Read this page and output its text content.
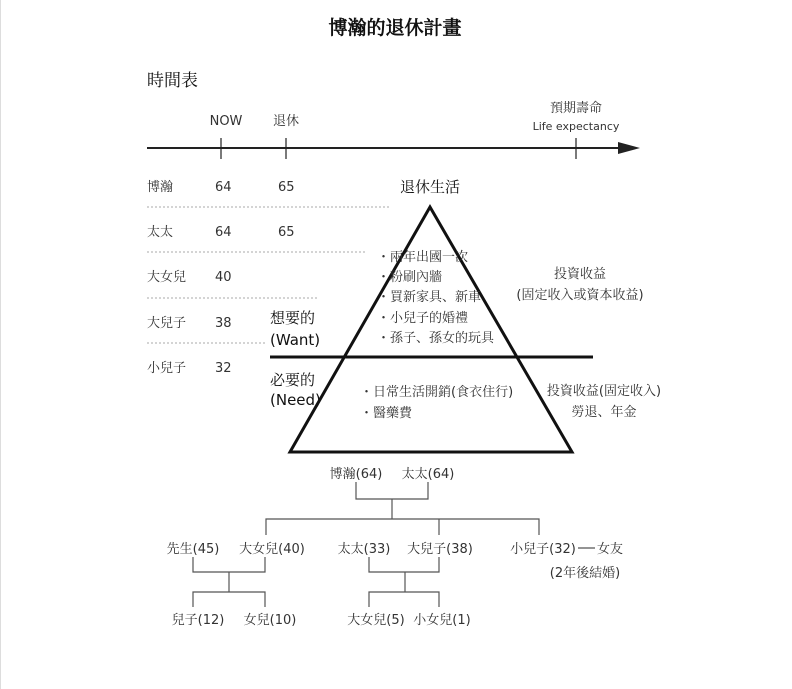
博瀚的退休計畫
時間表
NOW 退休
預期壽命
Life expectancy
博瀚	64	65
太太	64	65
大女兒 40
大兒子 38
小兒子 32
退休生活
想要的
(Want)
必要的
(Need)
・兩年出國一次
・粉刷內牆
・買新家具、新車
・小兒子的婚禮
・孫子、孫女的玩具
・日常生活開銷(食衣住行)
・醫藥費
投資收益
(固定收入或資本收益)
投資收益(固定收入)
勞退、年金
博瀚(64) 太太(64)
先生(45) 大女兒(40)	太太(33) 大兒子(38)	小兒子(32) 女友
(2年後結婚)
兒子(12) 女兒(10)	大女兒(5) 小女兒(1)
